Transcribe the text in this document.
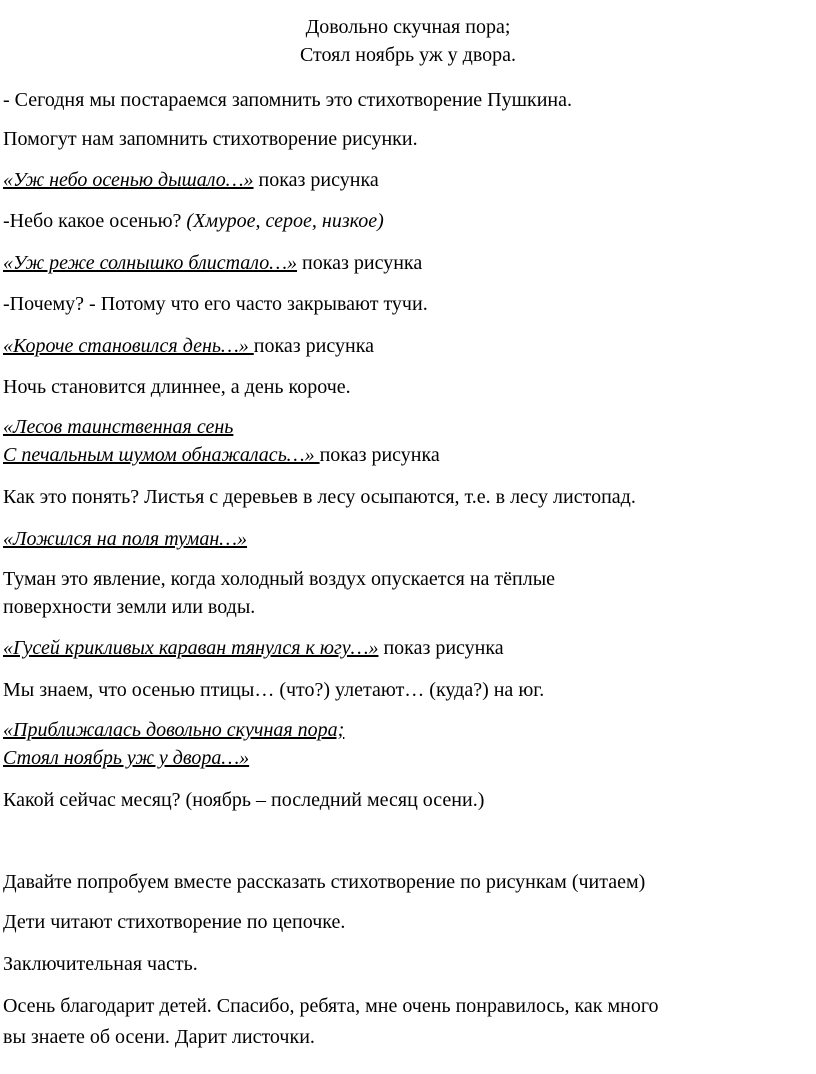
Довольно скучная пора;
Стоял ноябрь уж у двора.
- Сегодня мы постараемся запомнить это стихотворение Пушкина.
Помогут нам запомнить стихотворение рисунки.
«Уж небо осенью дышало…» показ рисунка
-Небо какое осенью? (Хмурое, серое, низкое)
«Уж реже солнышко блистало…» показ рисунка
-Почему? - Потому что его часто закрывают тучи.
«Короче становился день…» показ рисунка
Ночь становится длиннее, а день короче.
«Лесов таинственная сень
С печальным шумом обнажалась…» показ рисунка
Как это понять? Листья с деревьев в лесу осыпаются, т.е. в лесу листопад.
«Ложился на поля туман…»
Туман это явление, когда холодный воздух опускается на тёплые
поверхности земли или воды.
«Гусей крикливых караван тянулся к югу…» показ рисунка
Мы знаем, что осенью птицы… (что?) улетают… (куда?) на юг.
«Приближалась довольно скучная пора;
Стоял ноябрь уж у двора…»
Какой сейчас месяц? (ноябрь – последний месяц осени.)
Давайте попробуем вместе рассказать стихотворение по рисункам (читаем)
Дети читают стихотворение по цепочке.
Заключительная часть.
Осень благодарит детей. Спасибо, ребята, мне очень понравилось, как много
вы знаете об осени. Дарит листочки.
